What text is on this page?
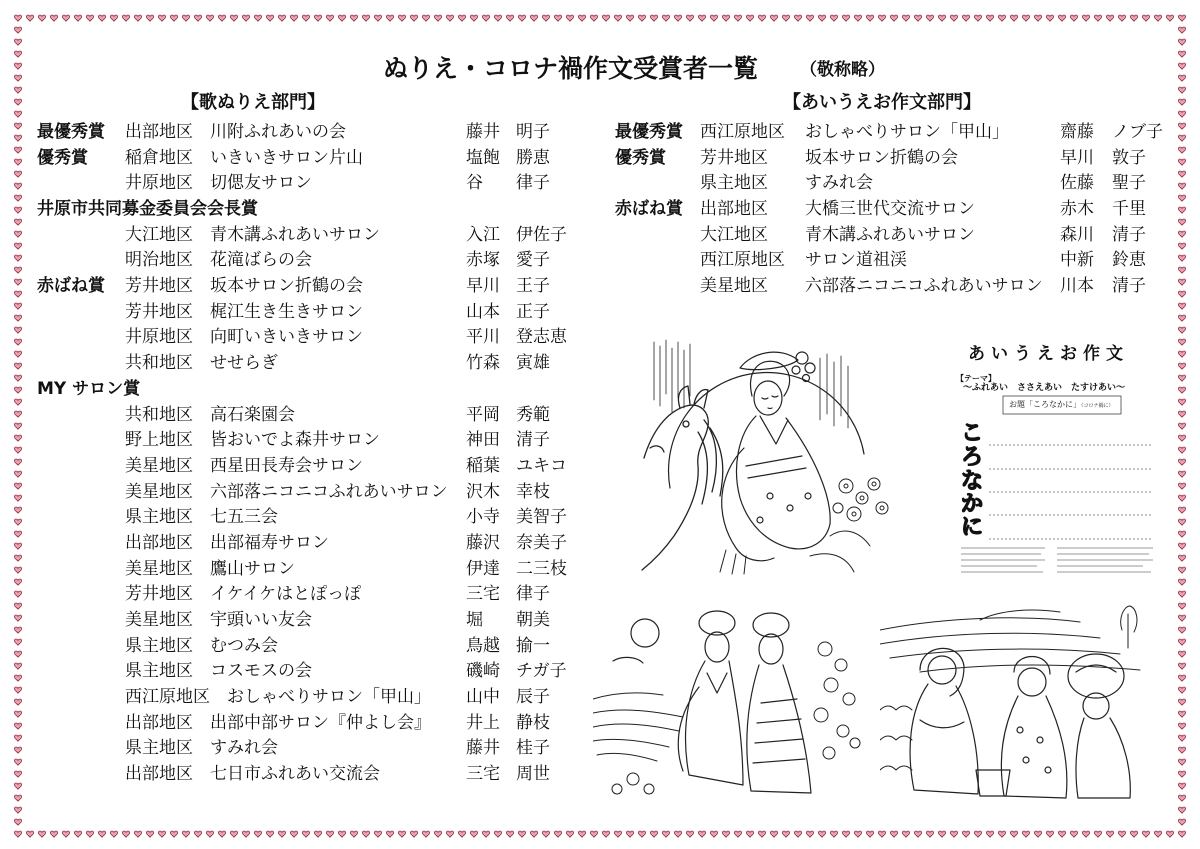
ぬりえ・コロナ禍作文受賞者一覧 （敬称略）
【歌ぬりえ部門】	【あいうえお作文部門】
最優秀賞 出部地区 川附ふれあいの会	藤井 明子
優秀賞 稲倉地区 いきいきサロン片山	塩飽 勝恵
井原地区 切偲友サロン	谷 律子
井原市共同募金委員会会長賞
大江地区 青木講ふれあいサロン	入江 伊佐子
明治地区 花滝ばらの会	赤塚 愛子
赤ばね賞 芳井地区 坂本サロン折鶴の会	早川 王子
芳井地区 梶江生き生きサロン	山本 正子
井原地区 向町いきいきサロン	平川 登志恵
共和地区 せせらぎ	竹森 寅雄
MY サロン賞
共和地区 高石楽園会	平岡 秀範
野上地区 皆おいでよ森井サロン	神田 清子
美星地区 西星田長寿会サロン	稲葉 ユキコ
美星地区 六部落ニコニコふれあいサロン 沢木 幸枝
県主地区 七五三会	小寺 美智子
出部地区 出部福寿サロン	藤沢 奈美子
美星地区 鷹山サロン	伊達 二三枝
芳井地区 イケイケはとぽっぽ	三宅 律子
美星地区 宇頭いい友会	堀 朝美
県主地区 むつみ会	鳥越 揄一
県主地区 コスモスの会	磯崎 チガ子
西江原地区 おしゃべりサロン「甲山」 山中 辰子
出部地区 出部中部サロン『仲よし会』 井上 静枝
県主地区 すみれ会	藤井 桂子
出部地区 七日市ふれあい交流会	三宅 周世
最優秀賞 西江原地区 おしゃべりサロン「甲山」	齋藤 ノブ子
優秀賞 芳井地区 坂本サロン折鶴の会	早川 敦子
県主地区 すみれ会	佐藤 聖子
赤ばね賞 出部地区 大橋三世代交流サロン	赤木 千里
大江地区 青木講ふれあいサロン	森川 清子
西江原地区 サロン道祖渓	中新 鈴恵
美星地区 六部落ニコニコふれあいサロン 川本 清子
あいうえお作文
【テーマ】
～ふれあい　ささえあい　たすけあい～
お題「ころなかに」（コロナ禍に）
こ
ろ
な
か
に
